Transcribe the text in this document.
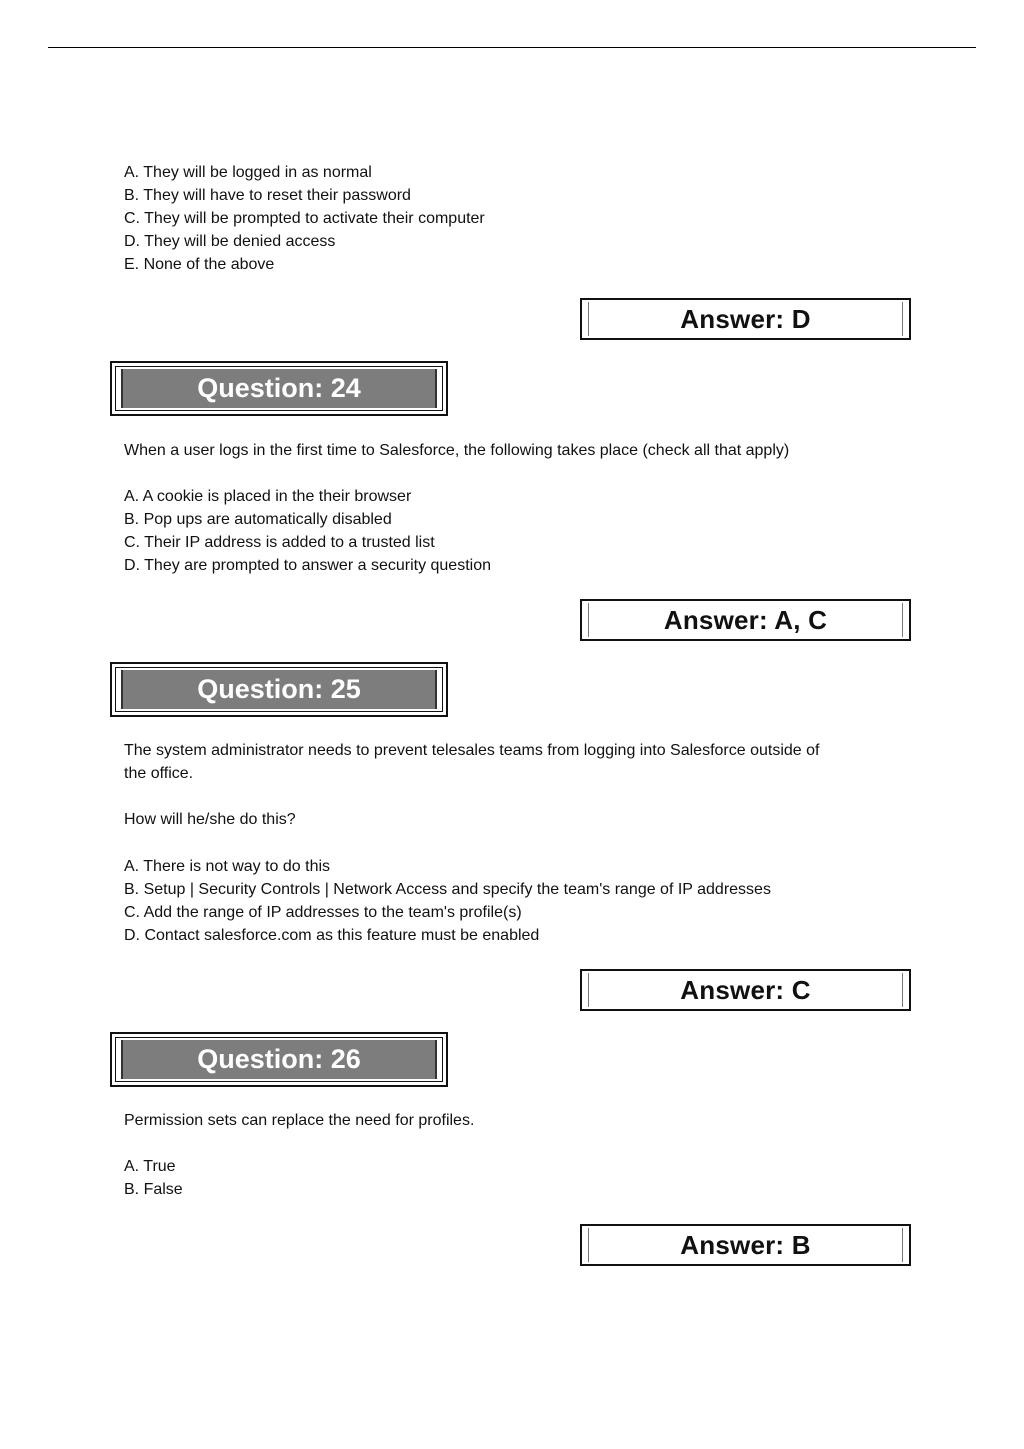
A. They will be logged in as normal
B. They will have to reset their password
C. They will be prompted to activate their computer
D. They will be denied access
E. None of the above
Answer: D
Question: 24
When a user logs in the first time to Salesforce, the following takes place (check all that apply)
A. A cookie is placed in the their browser
B. Pop ups are automatically disabled
C. Their IP address is added to a trusted list
D. They are prompted to answer a security question
Answer: A, C
Question: 25
The system administrator needs to prevent telesales teams from logging into Salesforce outside of
the office.
How will he/she do this?
A. There is not way to do this
B. Setup | Security Controls | Network Access and specify the team's range of IP addresses
C. Add the range of IP addresses to the team's profile(s)
D. Contact salesforce.com as this feature must be enabled
Answer: C
Question: 26
Permission sets can replace the need for profiles.
A. True
B. False
Answer: B
